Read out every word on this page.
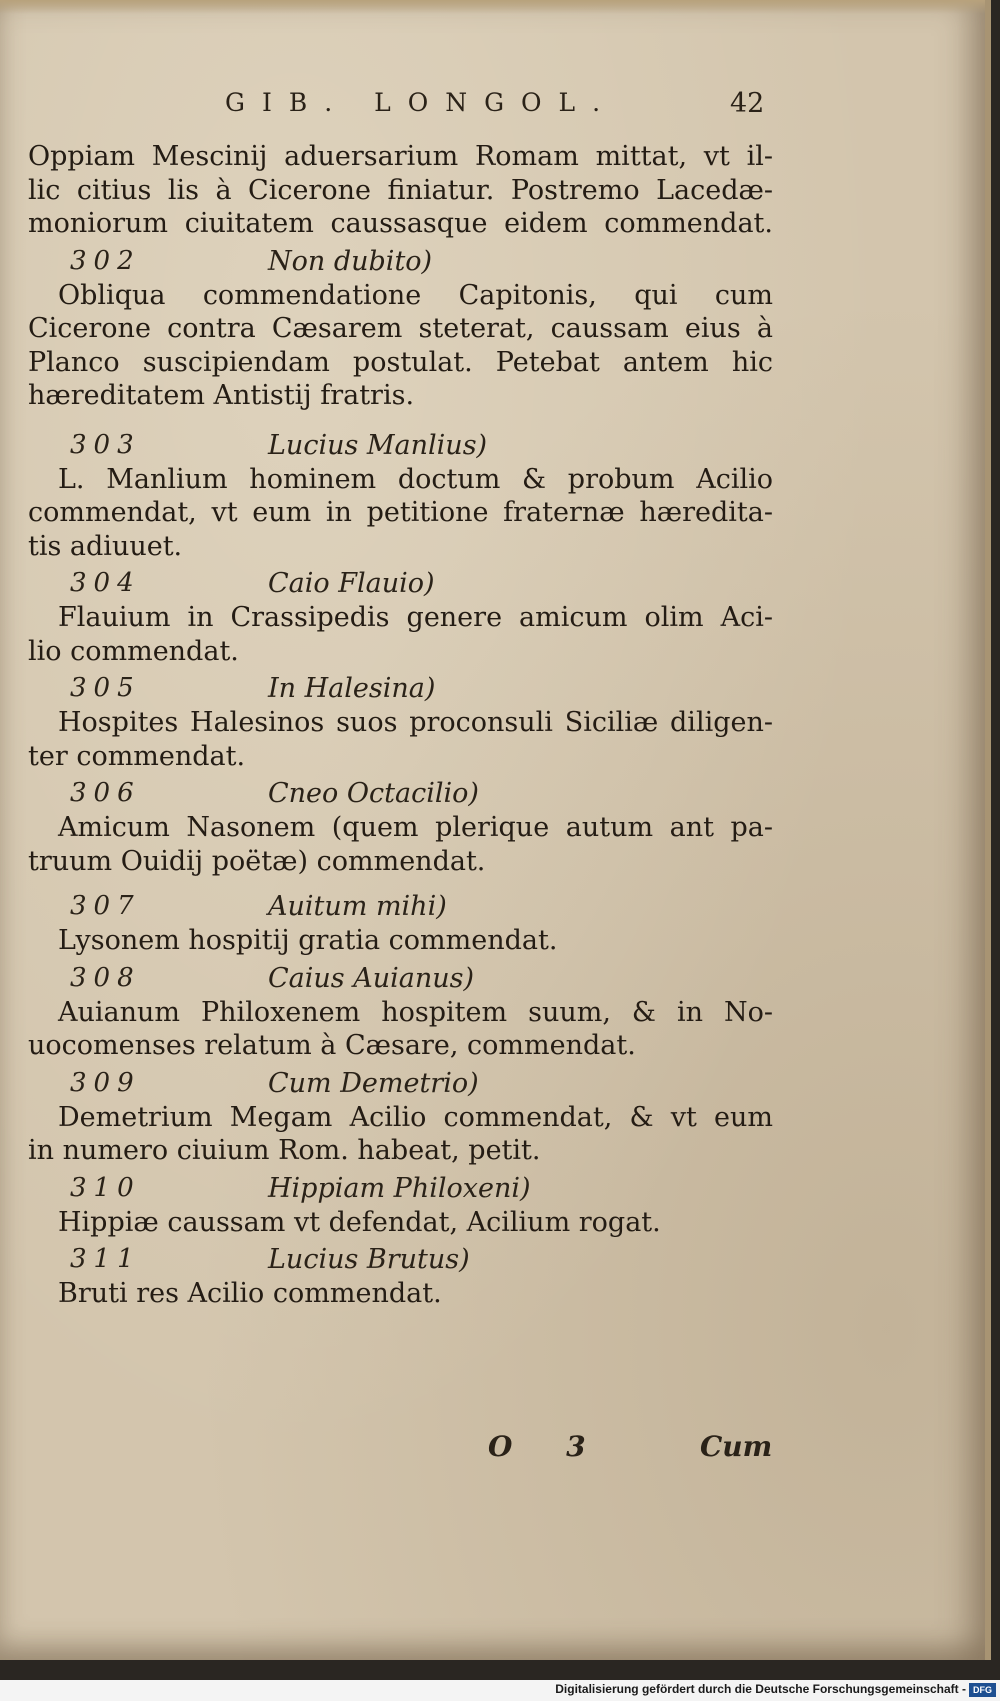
GIB. LONGOL.	42

Oppiam Mescinij aduersarium Romam mittat, vt il-
lic citius lis à Cicerone finiatur. Postremo Lacedæ-
moniorum ciuitatem caussasque eidem commendat.

302	Non dubito)

Obliqua commendatione Capitonis, qui cum
Cicerone contra Cæsarem steterat, caussam eius à
Planco suscipiendam postulat. Petebat antem hic
hæreditatem Antistij fratris.

303	Lucius Manlius)

L. Manlium hominem doctum & probum Acilio
commendat, vt eum in petitione fraternæ hæredita-
tis adiuuet.

304	Caio Flauio)

Flauium in Crassipedis genere amicum olim Aci-
lio commendat.

305	In Halesina)

Hospites Halesinos suos proconsuli Siciliæ diligen-
ter commendat.

306	Cneo Octacilio)

Amicum Nasonem (quem plerique autum ant pa-
truum Ouidij poëtæ) commendat.

307	Auitum mihi)

Lysonem hospitij gratia commendat.

308	Caius Auianus)

Auianum Philoxenem hospitem suum, & in No-
uocomenses relatum à Cæsare, commendat.

309	Cum Demetrio)

Demetrium Megam Acilio commendat, & vt eum
in numero ciuium Rom. habeat, petit.

310	Hippiam Philoxeni)

Hippiæ caussam vt defendat, Acilium rogat.

311	Lucius Brutus)

Bruti res Acilio commendat.

O 3	Cum
Digitalisierung gefördert durch die Deutsche Forschungsgemeinschaft - DFG
